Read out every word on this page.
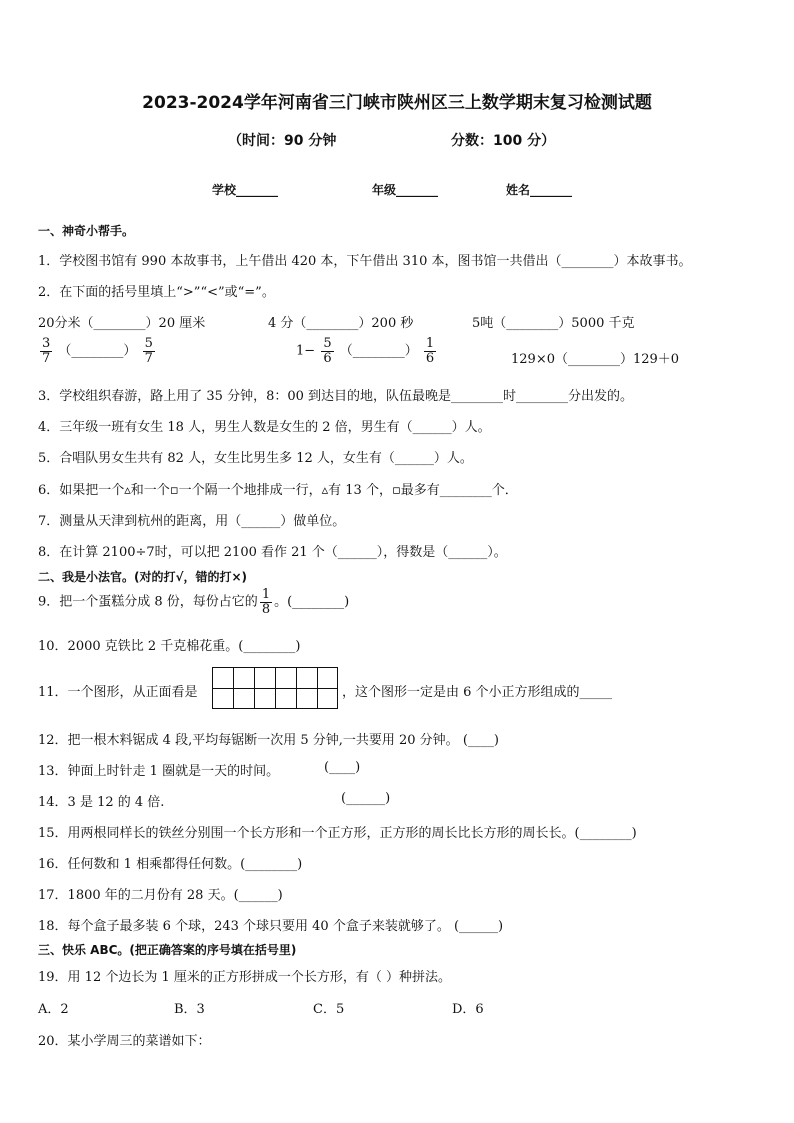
2023-2024学年河南省三门峡市陕州区三上数学期末复习检测试题
（时间：90 分钟	分数：100 分）
学校_______	年级_______	姓名_______
一、神奇小帮手。
1．学校图书馆有 990 本故事书，上午借出 420 本，下午借出 310 本，图书馆一共借出（________）本故事书。
2．在下面的括号里填上“>”“<”或“=”。
20分米（________）20 厘米	4 分（________）200 秒	5吨（________）5000 千克
$\frac{3}{7}$ （________） $\frac{5}{7}$	$1- \frac{5}{6}$ （________） $\frac{1}{6}$	129×0（________）129＋0
3．学校组织春游，路上用了 35 分钟，8：00 到达目的地，队伍最晚是________时________分出发的。
4．三年级一班有女生 18 人，男生人数是女生的 2 倍，男生有（______）人。
5．合唱队男女生共有 82 人，女生比男生多 12 人，女生有（______）人。
6．如果把一个▵和一个▫一个隔一个地排成一行，▵有 13 个，▫最多有________个．
7．测量从天津到杭州的距离，用（______）做单位。
8．在计算 2100÷7时，可以把 2100 看作 21 个（______），得数是（______）。
二、我是小法官。(对的打√，错的打×)
9．把一个蛋糕分成 8 份，每份占它的 $\frac{1}{8}$ 。(________)
10．2000 克铁比 2 千克棉花重。(________)
11．一个图形，从正面看是	，这个图形一定是由 6 个小正方形组成的_____
12．把一根木料锯成 4 段,平均每锯断一次用 5 分钟,一共要用 20 分钟。 (____)
13．钟面上时针走 1 圈就是一天的时间。	(____)
14．3 是 12 的 4 倍.	(______)
15．用两根同样长的铁丝分别围一个长方形和一个正方形，正方形的周长比长方形的周长长。(________)
16．任何数和 1 相乘都得任何数。(________)
17．1800 年的二月份有 28 天。(______)
18．每个盒子最多装 6 个球，243 个球只要用 40 个盒子来装就够了。 (______)
三、快乐 ABC。(把正确答案的序号填在括号里)
19．用 12 个边长为 1 厘米的正方形拼成一个长方形，有（ ）种拼法。
A．2	B．3	C．5	D．6
20．某小学周三的菜谱如下：
